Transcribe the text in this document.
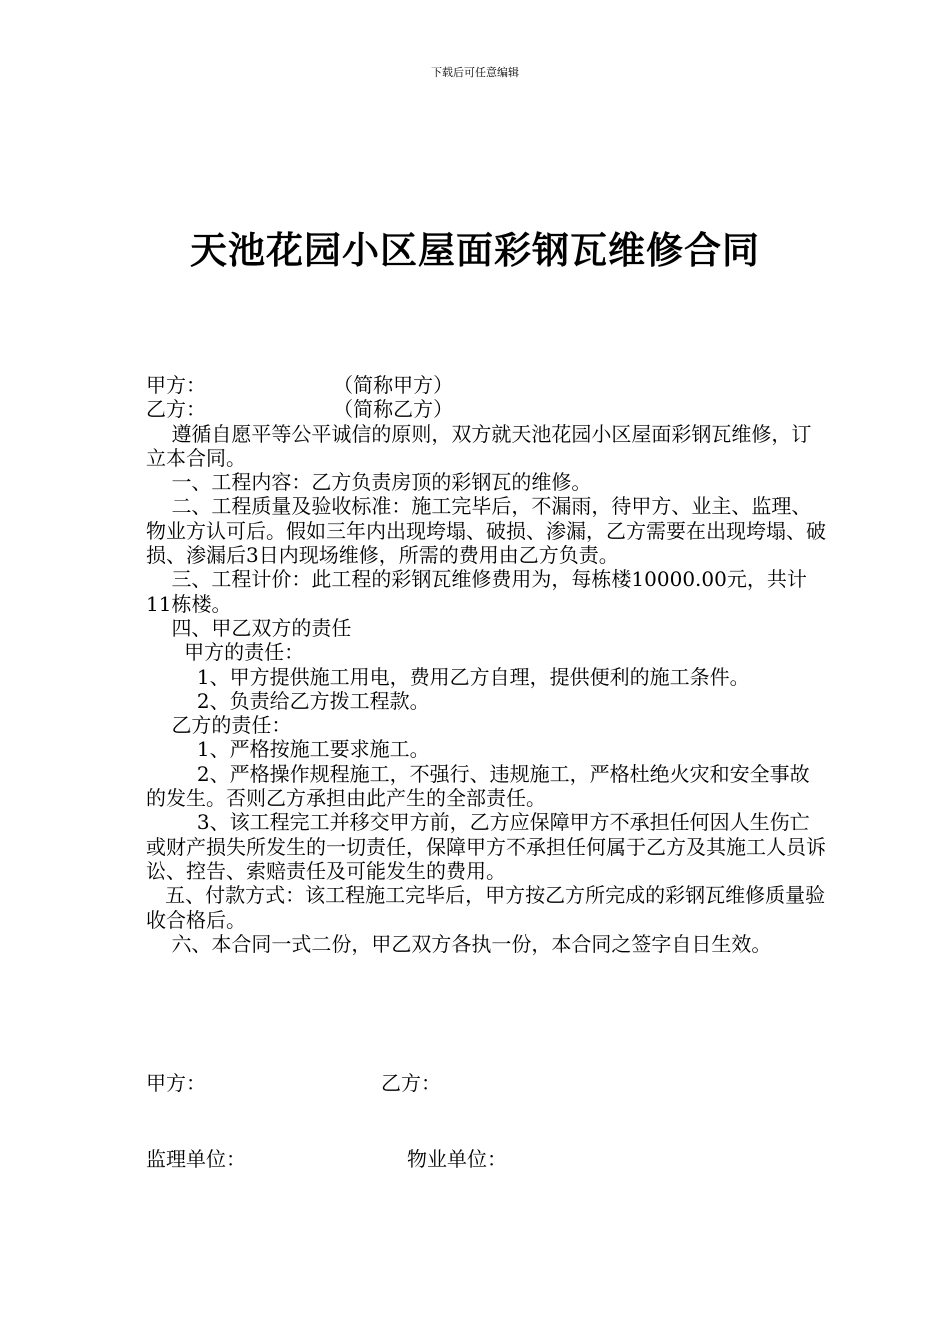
下载后可任意编辑
天池花园小区屋面彩钢瓦维修合同

甲方：                    （简称甲方）

乙方：                    （简称乙方）

遵循自愿平等公平诚信的原则，双方就天池花园小区屋面彩钢瓦维修，订立本合同。

一、工程内容：乙方负责房顶的彩钢瓦的维修。

二、工程质量及验收标准：施工完毕后，不漏雨，待甲方、业主、监理、物业方认可后。假如三年内出现垮塌、破损、渗漏，乙方需要在出现垮塌、破损、渗漏后3日内现场维修，所需的费用由乙方负责。

三、工程计价：此工程的彩钢瓦维修费用为，每栋楼10000.00元，共计11栋楼。

四、甲乙双方的责任

甲方的责任：

1、甲方提供施工用电，费用乙方自理，提供便利的施工条件。

2、负责给乙方拨工程款。

乙方的责任：

1、严格按施工要求施工。

2、严格操作规程施工，不强行、违规施工，严格杜绝火灾和安全事故的发生。否则乙方承担由此产生的全部责任。

3、该工程完工并移交甲方前，乙方应保障甲方不承担任何因人生伤亡或财产损失所发生的一切责任，保障甲方不承担任何属于乙方及其施工人员诉讼、控告、索赔责任及可能发生的费用。

五、付款方式：该工程施工完毕后，甲方按乙方所完成的彩钢瓦维修质量验收合格后。

六、本合同一式二份，甲乙双方各执一份，本合同之签字自日生效。

甲方：	乙方：
监理单位：	物业单位：
